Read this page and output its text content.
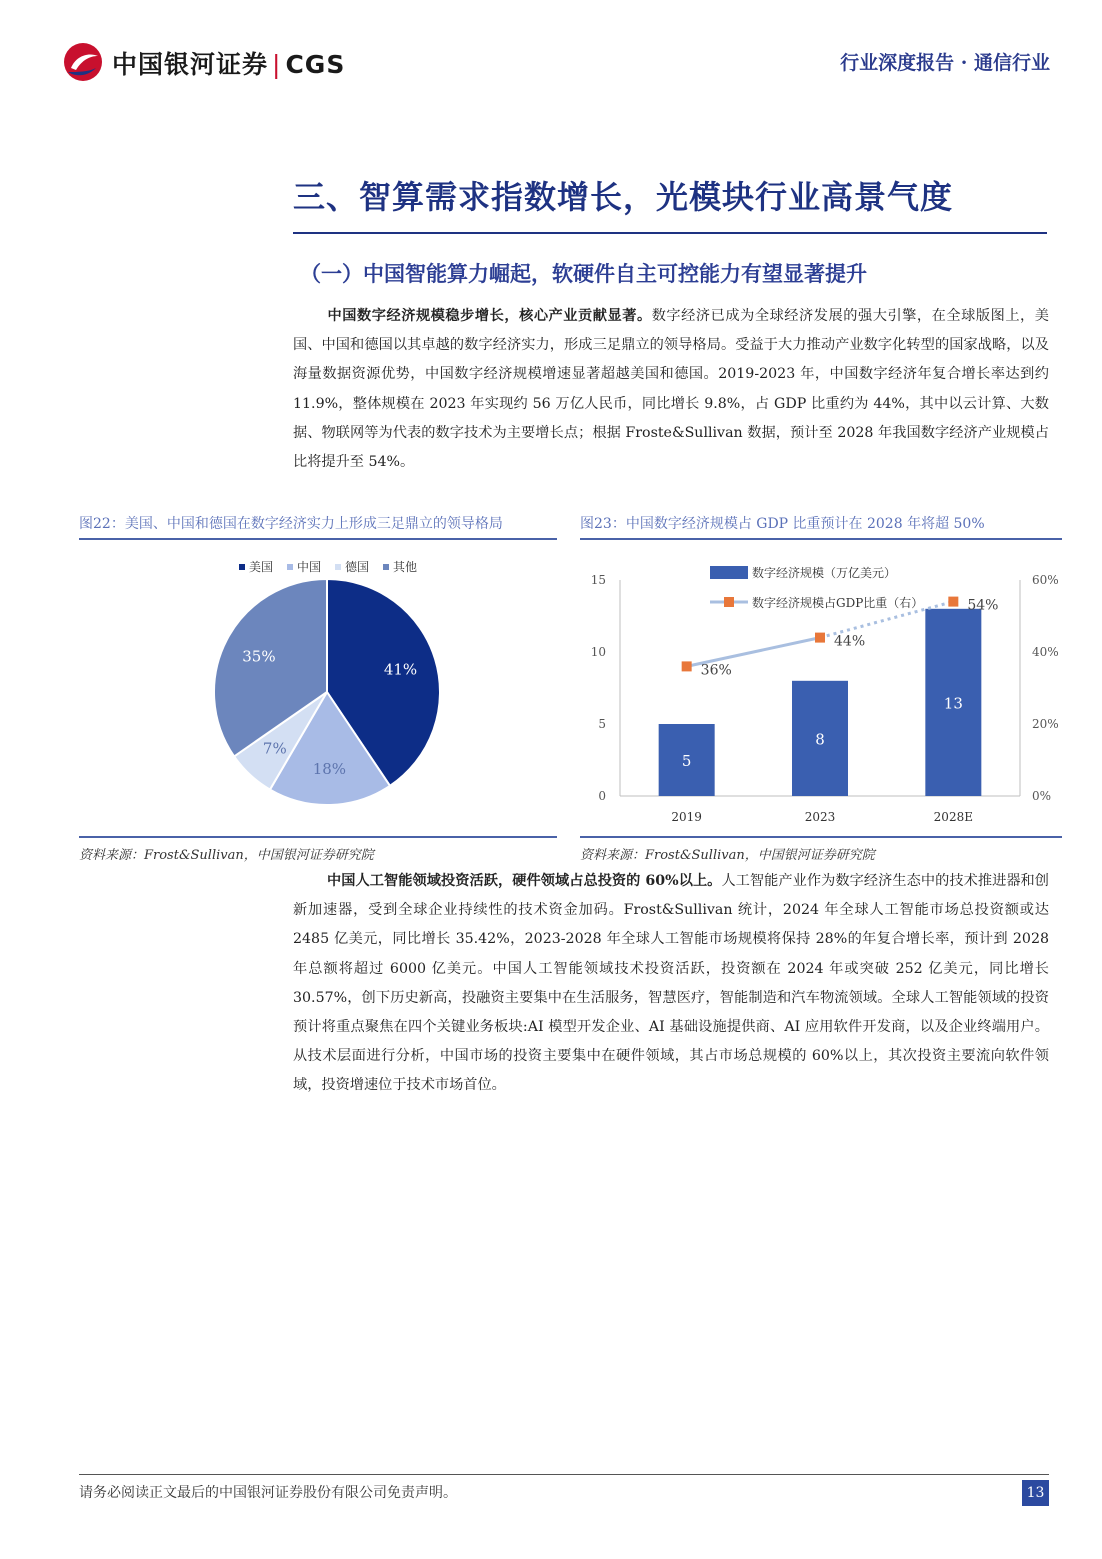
中国银河证券 | CGS	行业深度报告 · 通信行业
三、智算需求指数增长，光模块行业高景气度
（一）中国智能算力崛起，软硬件自主可控能力有望显著提升
中国数字经济规模稳步增长，核心产业贡献显著。数字经济已成为全球经济发展的强大引擎，在全球版图上，美国、中国和德国以其卓越的数字经济实力，形成三足鼎立的领导格局。受益于大力推动产业数字化转型的国家战略，以及海量数据资源优势，中国数字经济规模增速显著超越美国和德国。2019-2023 年，中国数字经济年复合增长率达到约 11.9%，整体规模在 2023 年实现约 56 万亿人民币，同比增长 9.8%，占 GDP 比重约为 44%，其中以云计算、大数据、物联网等为代表的数字技术为主要增长点；根据 Froste&Sullivan 数据，预计至 2028 年我国数字经济产业规模占比将提升至 54%。
图22：美国、中国和德国在数字经济实力上形成三足鼎立的领导格局
美国 中国 德国 其他
41%
18%
7%
35%
资料来源：Frost&Sullivan，中国银河证券研究院
图23：中国数字经济规模占 GDP 比重预计在 2028 年将超 50%
0
5
10
15
0%
20%
40%
60%
2019	2023	2028E
5
8
13
36%
44%
54%
数字经济规模（万亿美元）
数字经济规模占GDP比重（右）
资料来源：Frost&Sullivan，中国银河证券研究院
中国人工智能领域投资活跃，硬件领域占总投资的 60%以上。人工智能产业作为数字经济生态中的技术推进器和创新加速器，受到全球企业持续性的技术资金加码。Frost&Sullivan 统计，2024 年全球人工智能市场总投资额或达 2485 亿美元，同比增长 35.42%，2023-2028 年全球人工智能市场规模将保持 28%的年复合增长率，预计到 2028 年总额将超过 6000 亿美元。中国人工智能领域技术投资活跃，投资额在 2024 年或突破 252 亿美元，同比增长 30.57%，创下历史新高，投融资主要集中在生活服务，智慧医疗，智能制造和汽车物流领域。全球人工智能领域的投资预计将重点聚焦在四个关键业务板块:AI 模型开发企业、AI 基础设施提供商、AI 应用软件开发商，以及企业终端用户。从技术层面进行分析，中国市场的投资主要集中在硬件领域，其占市场总规模的 60%以上，其次投资主要流向软件领域，投资增速位于技术市场首位。
请务必阅读正文最后的中国银河证券股份有限公司免责声明。	13
